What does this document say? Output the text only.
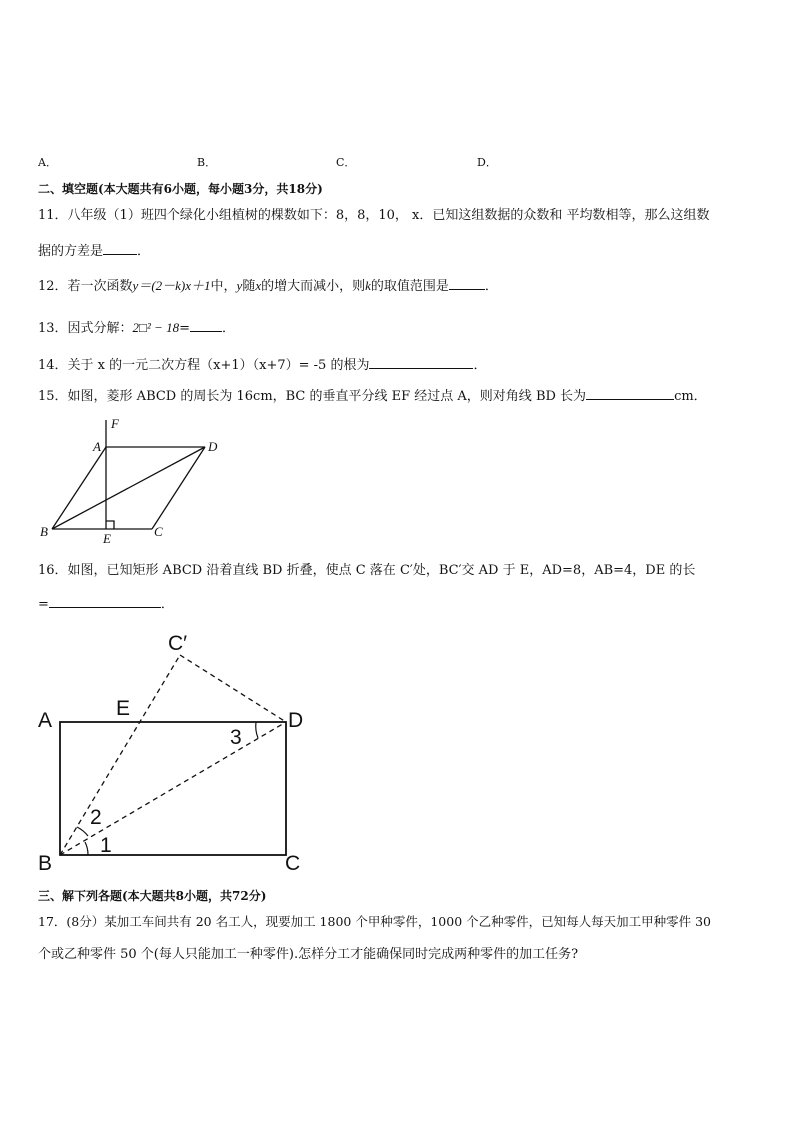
A．	B．	C．	D．
二、填空题(本大题共有6小题，每小题3分，共18分)
11．八年级（1）班四个绿化小组植树的棵数如下：8，8，10， x．已知这组数据的众数和 平均数相等，那么这组数
据的方差是	．
12．若一次函数y＝(2－k)x＋1中，y随x的增大而减小，则k的取值范围是	．
13．因式分解：2□² − 18= ．
14．关于 x 的一元二次方程（x+1）（x+7）= -5 的根为	．
15．如图，菱形 ABCD 的周长为 16cm，BC 的垂直平分线 EF 经过点 A，则对角线 BD 长为	cm．
F
A	D
B	E	C
16．如图，已知矩形 ABCD 沿着直线 BD 折叠，使点 C 落在 C′处，BC′交 AD 于 E，AD=8，AB=4，DE 的长
=	．
C′
A
E
D
3
2
1
B	C
三、解下列各题(本大题共8小题，共72分)
17．(8分）某加工车间共有 20 名工人，现要加工 1800 个甲种零件，1000 个乙种零件，已知每人每天加工甲种零件 30
个或乙种零件 50 个(每人只能加工一种零件).怎样分工才能确保同时完成两种零件的加工任务?
